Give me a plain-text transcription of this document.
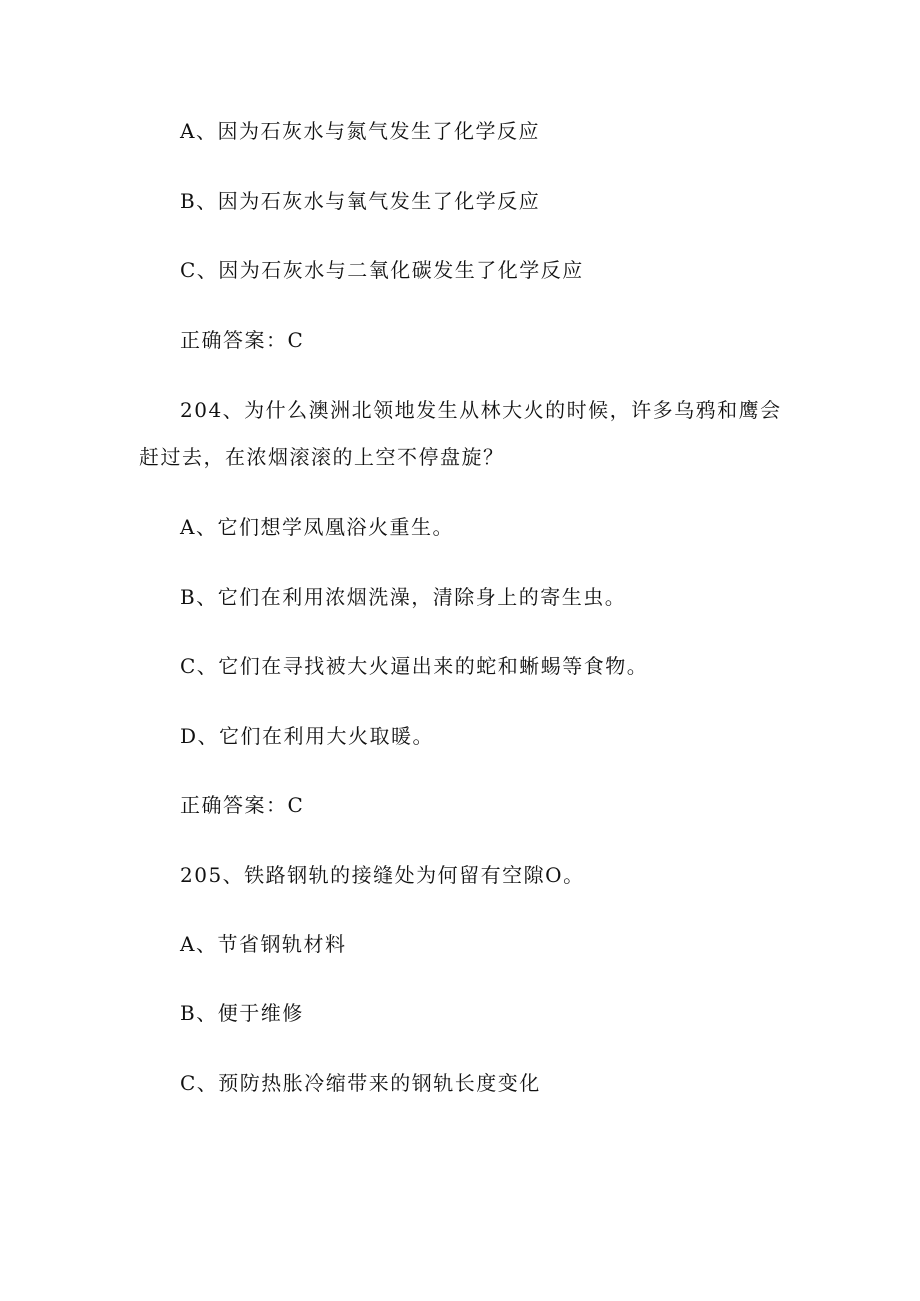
A、因为石灰水与氮气发生了化学反应
B、因为石灰水与氧气发生了化学反应
C、因为石灰水与二氧化碳发生了化学反应
正确答案：C
204、为什么澳洲北领地发生从林大火的时候，许多乌鸦和鹰会
赶过去，在浓烟滚滚的上空不停盘旋？
A、它们想学凤凰浴火重生。
B、它们在利用浓烟洗澡，清除身上的寄生虫。
C、它们在寻找被大火逼出来的蛇和蜥蜴等食物。
D、它们在利用大火取暖。
正确答案：C
205、铁路钢轨的接缝处为何留有空隙O。
A、节省钢轨材料
B、便于维修
C、预防热胀冷缩带来的钢轨长度变化
